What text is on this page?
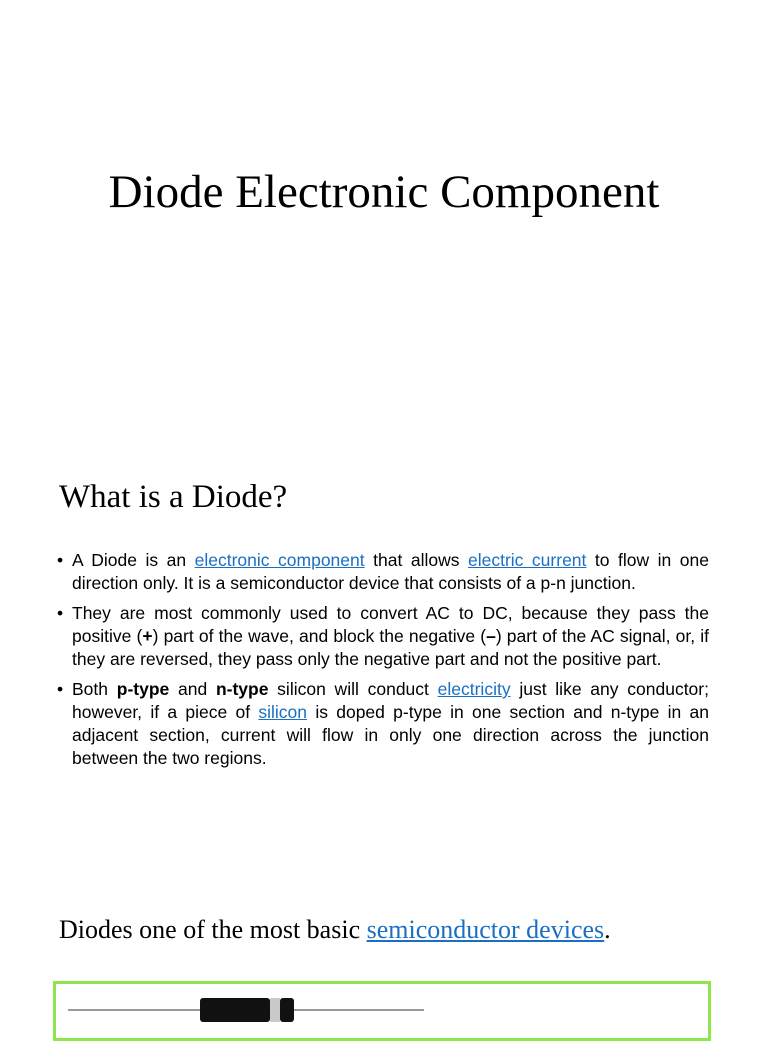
Diode Electronic Component
What is a Diode?
• A Diode is an electronic component that allows electric current to flow in one direction only. It is a semiconductor device that consists of a p-n junction.
• They are most commonly used to convert AC to DC, because they pass the positive (+) part of the wave, and block the negative (–) part of the AC signal, or, if they are reversed, they pass only the negative part and not the positive part.
• Both p-type and n-type silicon will conduct electricity just like any conductor; however, if a piece of silicon is doped p-type in one section and n-type in an adjacent section, current will flow in only one direction across the junction between the two regions.

Diodes one of the most basic semiconductor devices.
